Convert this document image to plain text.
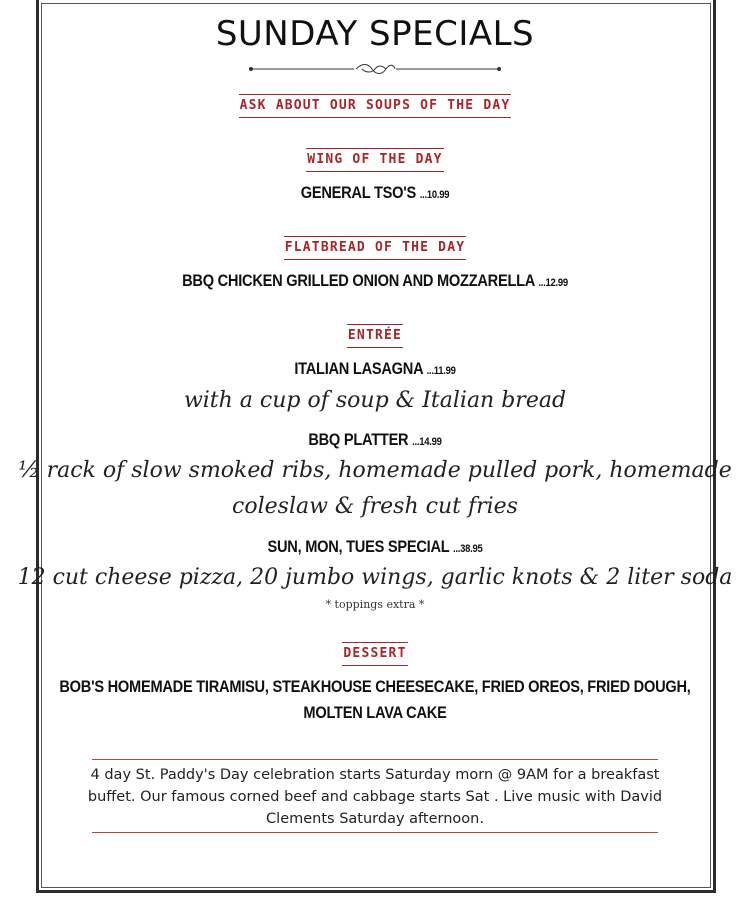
SUNDAY SPECIALS
ASK ABOUT OUR SOUPS OF THE DAY
WING OF THE DAY
GENERAL TSO'S ...10.99
FLATBREAD OF THE DAY
BBQ CHICKEN GRILLED ONION AND MOZZARELLA ...12.99
ENTRÉE
ITALIAN LASAGNA ...11.99
with a cup of soup & Italian bread
BBQ PLATTER ...14.99
½ rack of slow smoked ribs, homemade pulled pork, homemade
coleslaw & fresh cut fries
SUN, MON, TUES SPECIAL ...38.95
12 cut cheese pizza, 20 jumbo wings, garlic knots & 2 liter soda
* toppings extra *
DESSERT
BOB'S HOMEMADE TIRAMISU, STEAKHOUSE CHEESECAKE, FRIED OREOS, FRIED DOUGH,
MOLTEN LAVA CAKE
4 day St. Paddy's Day celebration starts Saturday morn @ 9AM for a breakfast
buffet. Our famous corned beef and cabbage starts Sat . Live music with David
Clements Saturday afternoon.
